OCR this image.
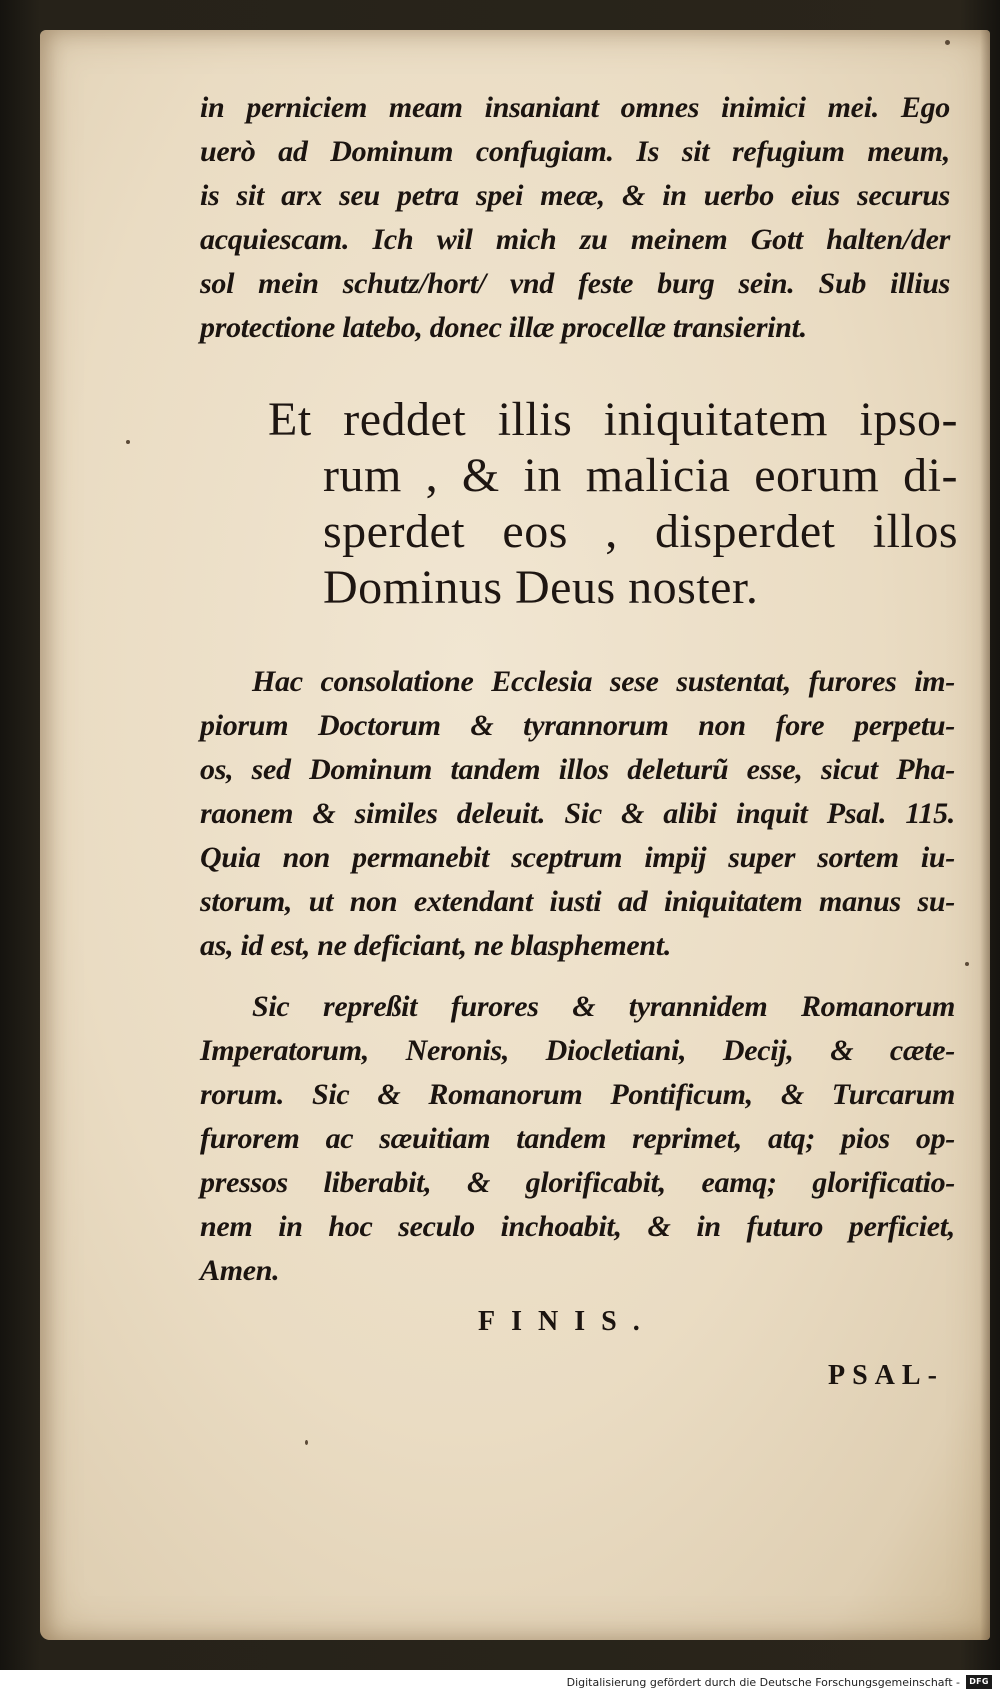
in perniciem meam insaniant omnes inimici mei. Ego
uerò ad Dominum confugiam. Is sit refugium meum,
is sit arx seu petra spei meæ, & in uerbo eius securus
acquiescam. Ich wil mich zu meinem Gott halten/der
sol mein schutz/hort/ vnd feste burg sein. Sub illius
protectione latebo, donec illæ procellæ transierint.
Et reddet illis iniquitatem ipso-
rum , & in malicia eorum di-
sperdet eos , disperdet illos
Dominus Deus noster.
Hac consolatione Ecclesia sese sustentat, furores im-
piorum Doctorum & tyrannorum non fore perpetu-
os, sed Dominum tandem illos deleturũ esse, sicut Pha-
raonem & similes deleuit. Sic & alibi inquit Psal. 115.
Quia non permanebit sceptrum impij super sortem iu-
storum, ut non extendant iusti ad iniquitatem manus su-
as, id est, ne deficiant, ne blasphement.
Sic repreßit furores & tyrannidem Romanorum
Imperatorum, Neronis, Diocletiani, Decij, & cæte-
rorum. Sic & Romanorum Pontificum, & Turcarum
furorem ac sæuitiam tandem reprimet, atq; pios op-
pressos liberabit, & glorificabit, eamq; glorificatio-
nem in hoc seculo inchoabit, & in futuro perficiet,
Amen.
FINIS.
PSAL-
Digitalisierung gefördert durch die Deutsche Forschungsgemeinschaft -	DFG
